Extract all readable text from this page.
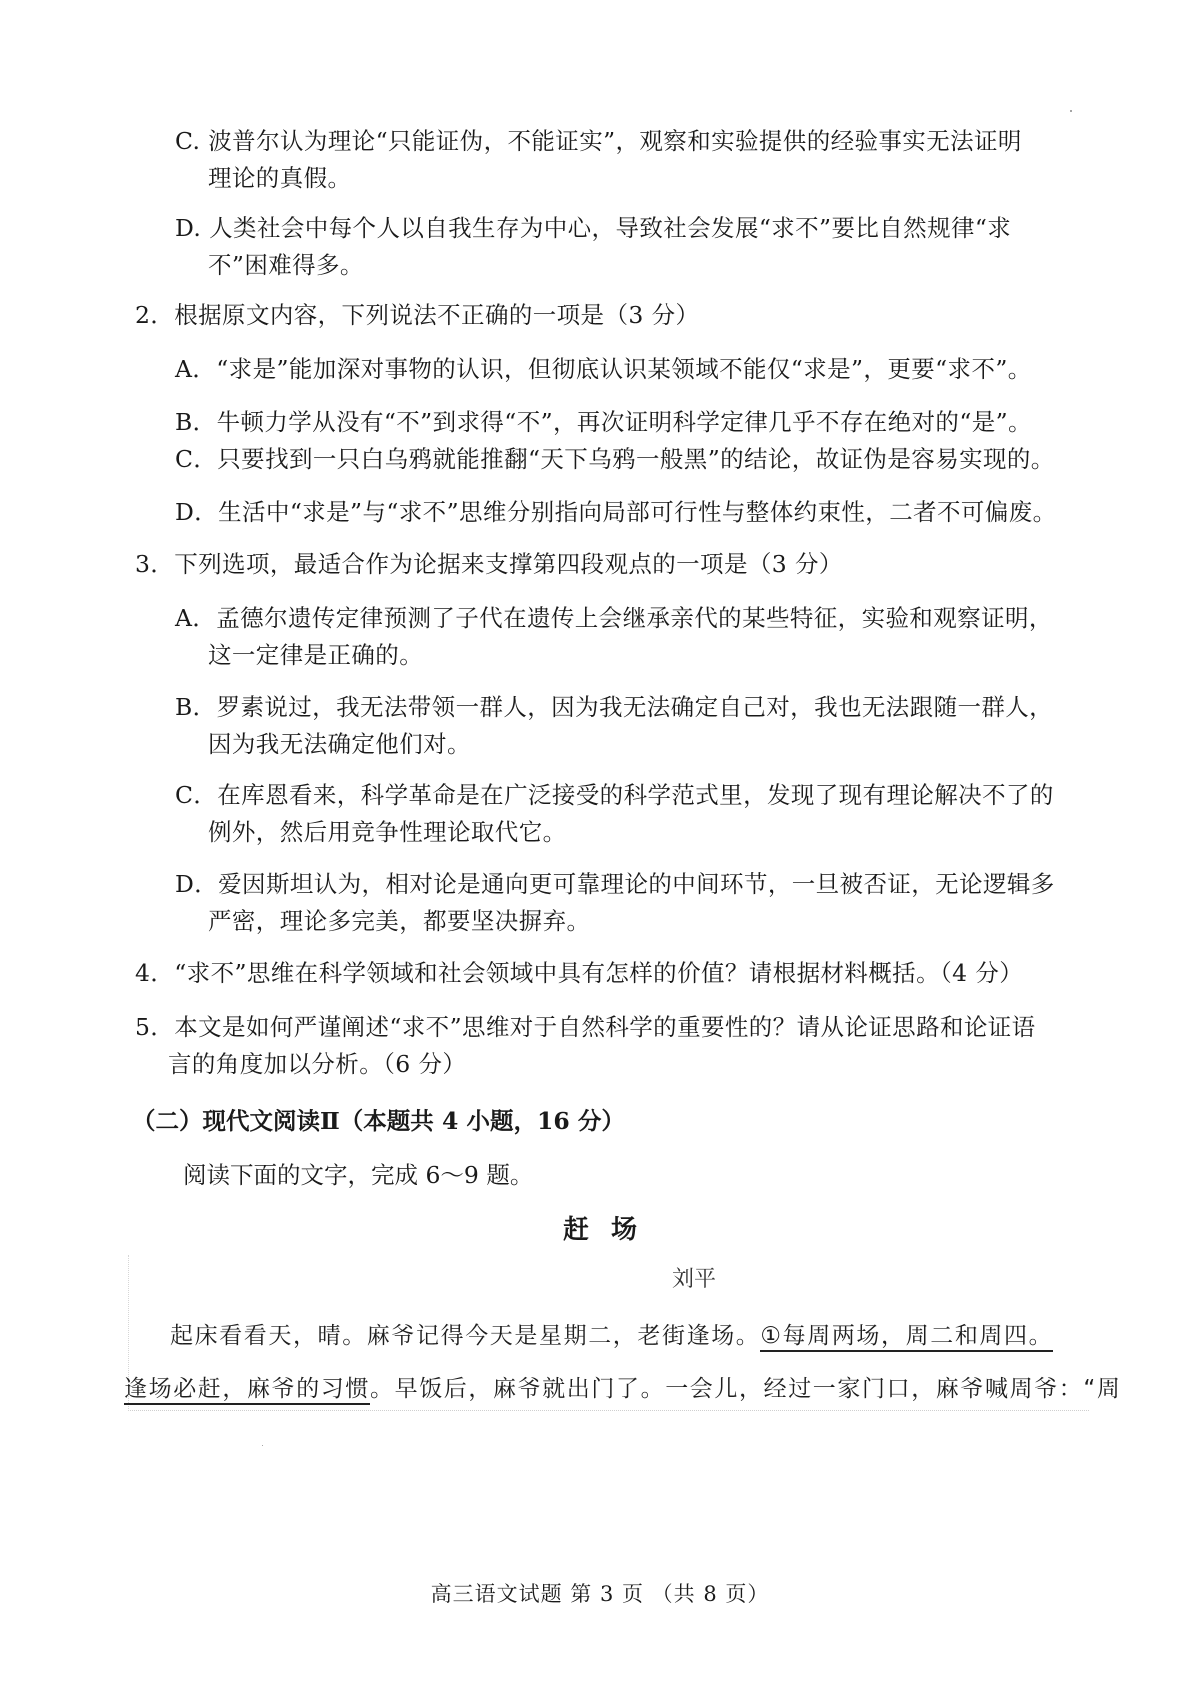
C. 波普尔认为理论“只能证伪，不能证实”，观察和实验提供的经验事实无法证明
理论的真假。
D. 人类社会中每个人以自我生存为中心，导致社会发展“求不”要比自然规律“求
不”困难得多。
2．根据原文内容，下列说法不正确的一项是（3 分）
A．“求是”能加深对事物的认识，但彻底认识某领域不能仅“求是”，更要“求不”。
B．牛顿力学从没有“不”到求得“不”，再次证明科学定律几乎不存在绝对的“是”。
C．只要找到一只白乌鸦就能推翻“天下乌鸦一般黑”的结论，故证伪是容易实现的。
D．生活中“求是”与“求不”思维分别指向局部可行性与整体约束性，二者不可偏废。
3．下列选项，最适合作为论据来支撑第四段观点的一项是（3 分）
A．孟德尔遗传定律预测了子代在遗传上会继承亲代的某些特征，实验和观察证明，
这一定律是正确的。
B．罗素说过，我无法带领一群人，因为我无法确定自己对，我也无法跟随一群人，
因为我无法确定他们对。
C．在库恩看来，科学革命是在广泛接受的科学范式里，发现了现有理论解决不了的
例外，然后用竞争性理论取代它。
D．爱因斯坦认为，相对论是通向更可靠理论的中间环节，一旦被否证，无论逻辑多
严密，理论多完美，都要坚决摒弃。
4．“求不”思维在科学领域和社会领域中具有怎样的价值？请根据材料概括。（4 分）
5．本文是如何严谨阐述“求不”思维对于自然科学的重要性的？请从论证思路和论证语
言的角度加以分析。（6 分）
（二）现代文阅读Ⅱ（本题共 4 小题，16 分）
阅读下面的文字，完成 6～9 题。
赶场
刘平
起床看看天，晴。麻爷记得今天是星期二，老街逢场。①每周两场，周二和周四。
逢场必赶，麻爷的习惯。早饭后，麻爷就出门了。一会儿，经过一家门口，麻爷喊周爷：“周
高三语文试题 第 3 页 （共 8 页）
